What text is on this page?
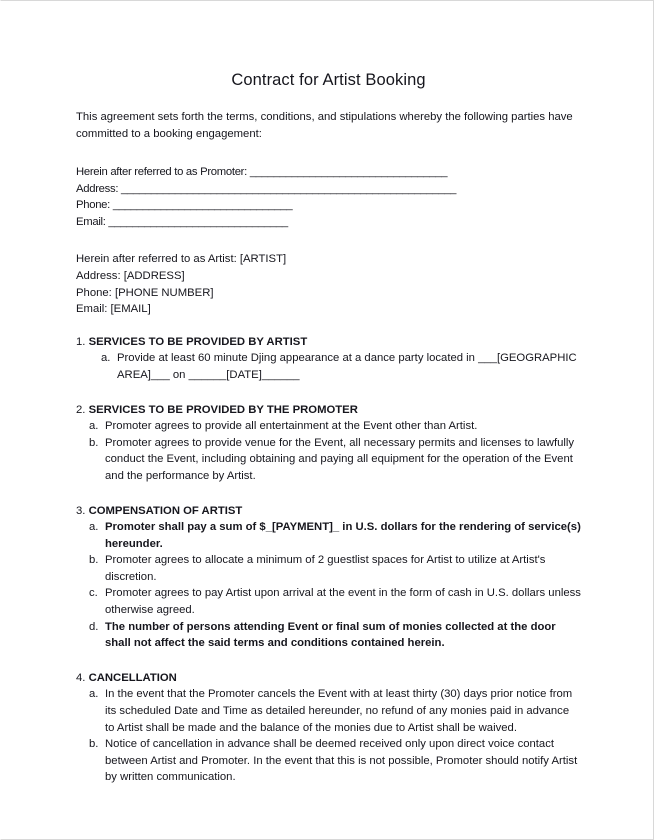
Contract for Artist Booking

This agreement sets forth the terms, conditions, and stipulations whereby the following parties have committed to a booking engagement:

Herein after referred to as Promoter: _________________________________
Address: ________________________________________________________
Phone: ______________________________
Email: ______________________________
Herein after referred to as Artist: [ARTIST]
Address: [ADDRESS]
Phone: [PHONE NUMBER]
Email: [EMAIL]
1. SERVICES TO BE PROVIDED BY ARTIST
a. Provide at least 60 minute Djing appearance at a dance party located in ___[GEOGRAPHIC AREA]___ on ______[DATE]______
2. SERVICES TO BE PROVIDED BY THE PROMOTER
a. Promoter agrees to provide all entertainment at the Event other than Artist.
b. Promoter agrees to provide venue for the Event, all necessary permits and licenses to lawfully conduct the Event, including obtaining and paying all equipment for the operation of the Event and the performance by Artist.
3. COMPENSATION OF ARTIST
a. Promoter shall pay a sum of $_[PAYMENT]_ in U.S. dollars for the rendering of service(s) hereunder.
b. Promoter agrees to allocate a minimum of 2 guestlist spaces for Artist to utilize at Artist's discretion.
c. Promoter agrees to pay Artist upon arrival at the event in the form of cash in U.S. dollars unless otherwise agreed.
d. The number of persons attending Event or final sum of monies collected at the door shall not affect the said terms and conditions contained herein.
4. CANCELLATION
a. In the event that the Promoter cancels the Event with at least thirty (30) days prior notice from its scheduled Date and Time as detailed hereunder, no refund of any monies paid in advance to Artist shall be made and the balance of the monies due to Artist shall be waived.
b. Notice of cancellation in advance shall be deemed received only upon direct voice contact between Artist and Promoter. In the event that this is not possible, Promoter should notify Artist by written communication.
